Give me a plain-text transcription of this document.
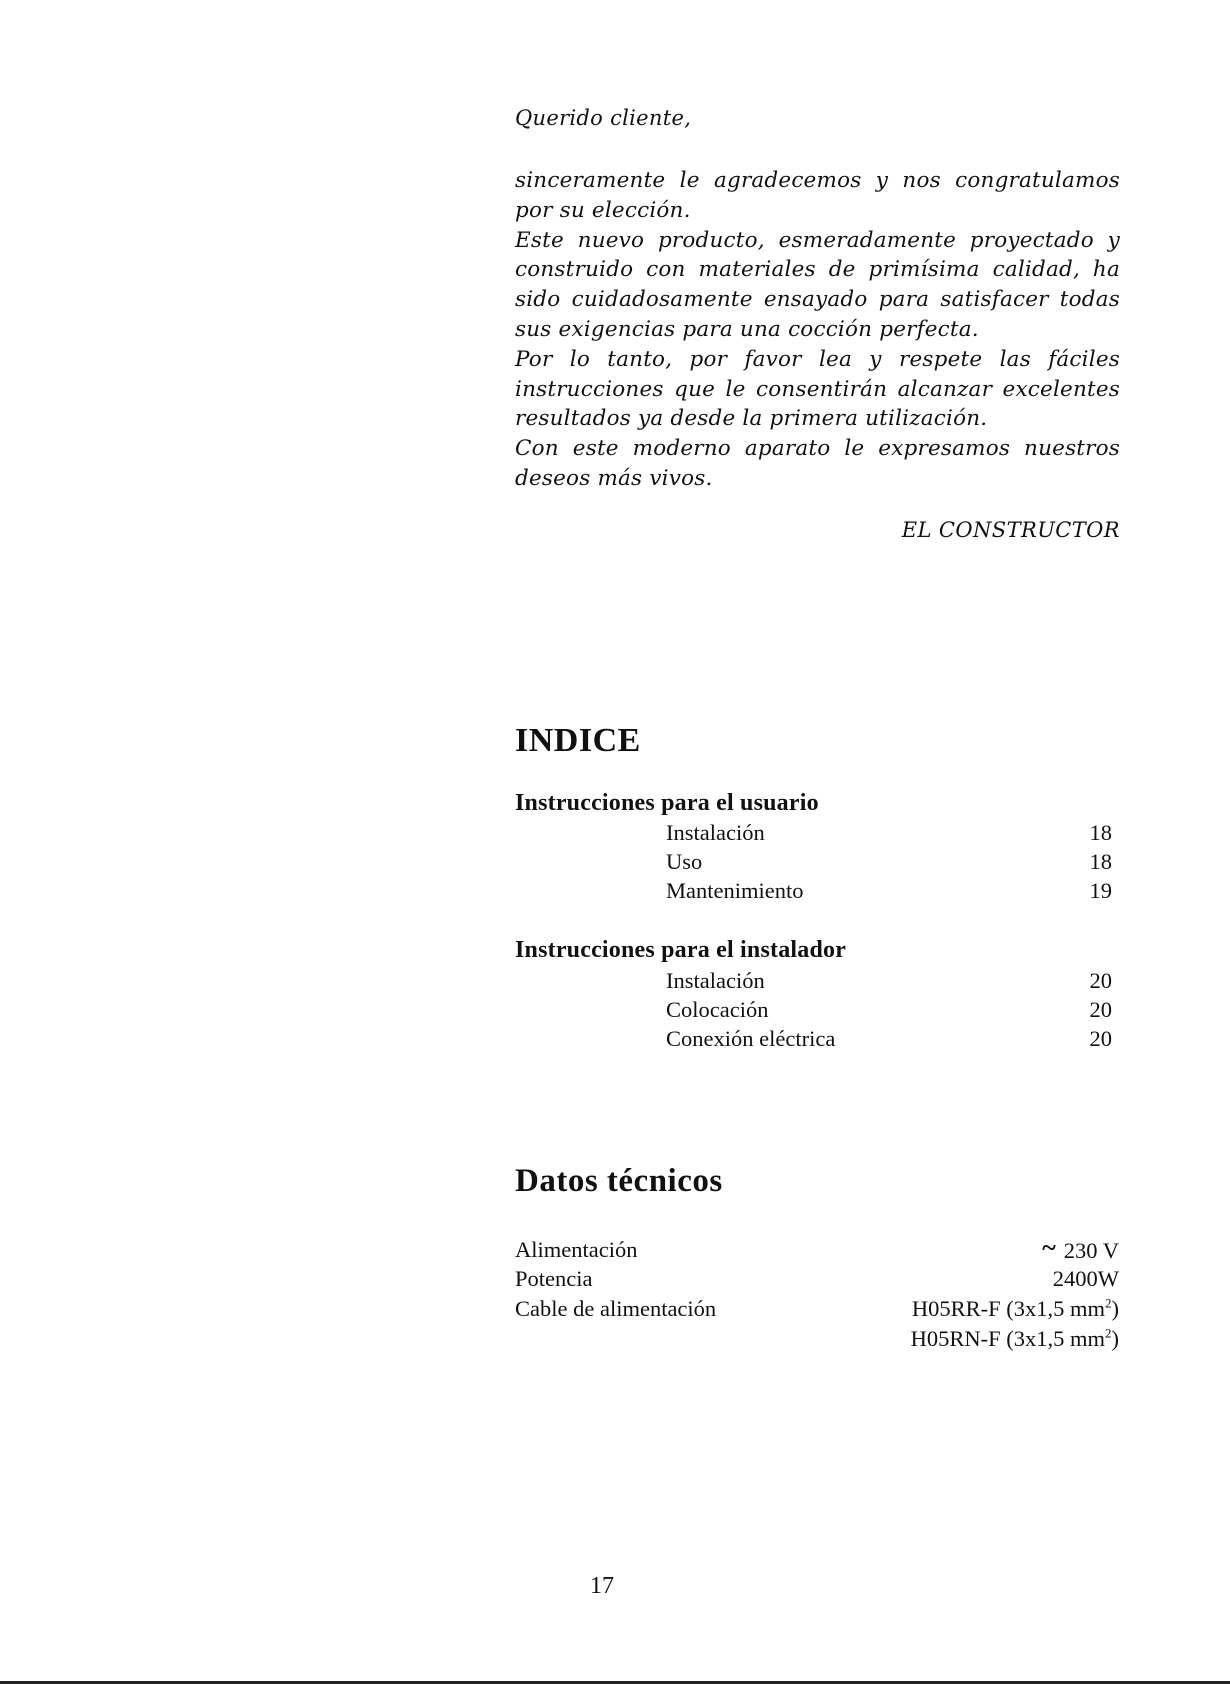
Querido cliente,

sinceramente le agradecemos y nos congratulamos por su elección.

Este nuevo producto, esmeradamente proyectado y construido con materiales de primísima calidad, ha sido cuidadosamente ensayado para satisfacer todas sus exigencias para una cocción perfecta.

Por lo tanto, por favor lea y respete las fáciles instrucciones que le consentirán alcanzar excelentes resultados ya desde la primera utilización.

Con este moderno aparato le expresamos nuestros deseos más vivos.

EL CONSTRUCTOR
INDICE
Instrucciones para el usuario
Instalación	18
Uso	18
Mantenimiento	19
Instrucciones para el instalador
Instalación	20
Colocación	20
Conexión eléctrica	20
Datos técnicos
Alimentación	~ 230 V
Potencia	2400W
Cable de alimentación	H05RR-F (3x1,5 $mm^2$)
H05RN-F (3x1,5 $mm^2$)
17
